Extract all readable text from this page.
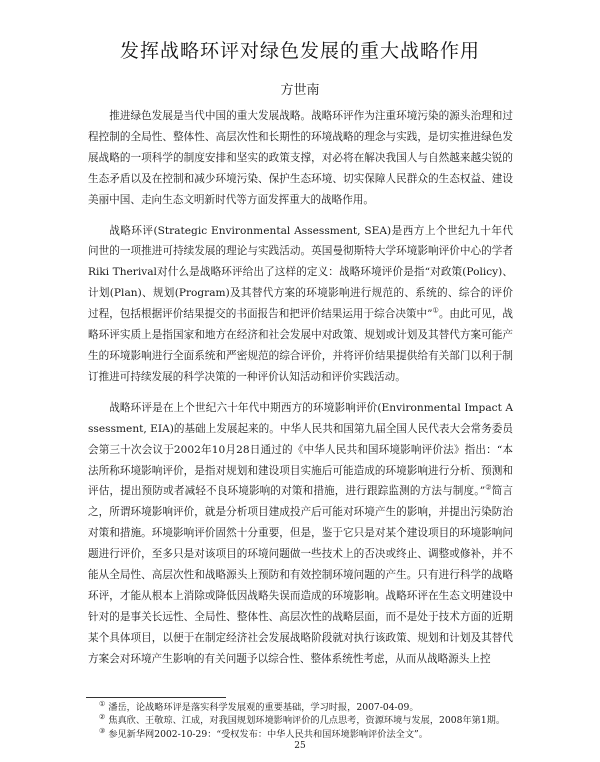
发挥战略环评对绿色发展的重大战略作用
方世南

推进绿色发展是当代中国的重大发展战略。战略环评作为注重环境污染的源头治理和过程控制的全局性、整体性、高层次性和长期性的环境战略的理念与实践，是切实推进绿色发展战略的一项科学的制度安排和坚实的政策支撑，对必将在解决我国人与自然越来越尖锐的生态矛盾以及在控制和减少环境污染、保护生态环境、切实保障人民群众的生态权益、建设美丽中国、走向生态文明新时代等方面发挥重大的战略作用。

战略环评(Strategic Environmental Assessment, SEA)是西方上个世纪九十年代问世的一项推进可持续发展的理论与实践活动。英国曼彻斯特大学环境影响评价中心的学者Riki Therival对什么是战略环评给出了这样的定义：战略环境评价是指“对政策(Policy)、计划(Plan)、规划(Program)及其替代方案的环境影响进行规范的、系统的、综合的评价过程，包括根据评价结果提交的书面报告和把评价结果运用于综合决策中”①。由此可见，战略环评实质上是指国家和地方在经济和社会发展中对政策、规划或计划及其替代方案可能产生的环境影响进行全面系统和严密规范的综合评价，并将评价结果提供给有关部门以利于制订推进可持续发展的科学决策的一种评价认知活动和评价实践活动。

战略环评是在上个世纪六十年代中期西方的环境影响评价(Environmental Impact Assessment, EIA)的基础上发展起来的。中华人民共和国第九届全国人民代表大会常务委员会第三十次会议于2002年10月28日通过的《中华人民共和国环境影响评价法》指出：“本法所称环境影响评价，是指对规划和建设项目实施后可能造成的环境影响进行分析、预测和评估，提出预防或者减轻不良环境影响的对策和措施，进行跟踪监测的方法与制度。”②简言之，所谓环境影响评价，就是分析项目建成投产后可能对环境产生的影响，并提出污染防治对策和措施。环境影响评价固然十分重要，但是，鉴于它只是对某个建设项目的环境影响问题进行评价，至多只是对该项目的环境问题做一些技术上的否决或终止、调整或修补，并不能从全局性、高层次性和战略源头上预防和有效控制环境问题的产生。只有进行科学的战略环评，才能从根本上消除或降低因战略失误而造成的环境影响。战略环评在生态文明建设中针对的是事关长远性、全局性、整体性、高层次性的战略层面，而不是处于技术方面的近期某个具体项目，以便于在制定经济社会发展战略阶段就对执行该政策、规划和计划及其替代方案会对环境产生影响的有关问题予以综合性、整体系统性考虑，从而从战略源头上控

① 潘岳，论战略环评是落实科学发展观的重要基础，学习时报，2007-04-09。

② 焦真欣、王敬琼、江成，对我国规划环境影响评价的几点思考，资源环境与发展，2008年第1期。

③ 参见新华网2002-10-29：“受权发布：中华人民共和国环境影响评价法全文”。

25
